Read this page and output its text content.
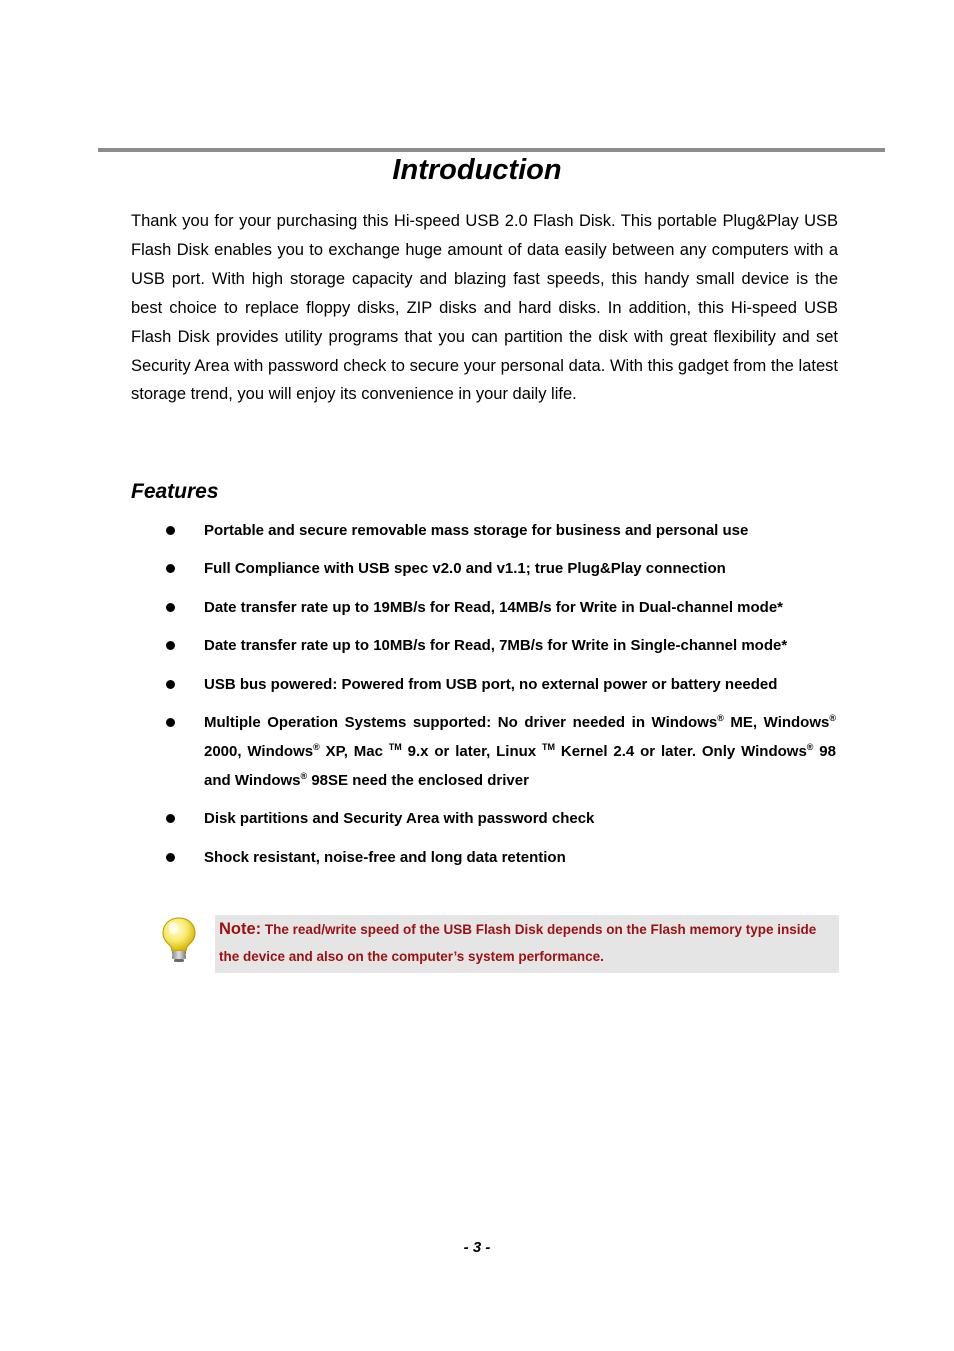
Introduction

Thank you for your purchasing this Hi-speed USB 2.0 Flash Disk. This portable Plug&Play USB Flash Disk enables you to exchange huge amount of data easily between any computers with a USB port. With high storage capacity and blazing fast speeds, this handy small device is the best choice to replace floppy disks, ZIP disks and hard disks. In addition, this Hi-speed USB Flash Disk provides utility programs that you can partition the disk with great flexibility and set Security Area with password check to secure your personal data. With this gadget from the latest storage trend, you will enjoy its convenience in your daily life.

Features
Portable and secure removable mass storage for business and personal use
Full Compliance with USB spec v2.0 and v1.1; true Plug&Play connection
Date transfer rate up to 19MB/s for Read, 14MB/s for Write in Dual-channel mode*
Date transfer rate up to 10MB/s for Read, 7MB/s for Write in Single-channel mode*
USB bus powered: Powered from USB port, no external power or battery needed
Multiple Operation Systems supported: No driver needed in Windows® ME, Windows® 2000, Windows® XP, Mac ™ 9.x or later, Linux ™ Kernel 2.4 or later. Only Windows® 98 and Windows® 98SE need the enclosed driver
Disk partitions and Security Area with password check
Shock resistant, noise-free and long data retention
Note: The read/write speed of the USB Flash Disk depends on the Flash memory type inside the device and also on the computer’s system performance.
- 3 -
